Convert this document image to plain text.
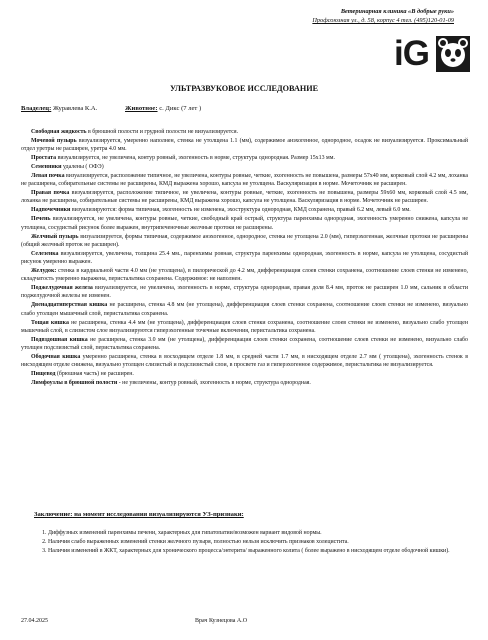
Ветеринарная клиника «В добрые руки»
Профсоюзная ул., д. 58, корпус 4 тел. (495)120-01-09
iG
УЛЬТРАЗВУКОВОЕ ИССЛЕДОВАНИЕ
Владелец: Журавлева К.А.	Животное: с. Дикс (7 лет )

Свободная жидкость в брюшной полости и грудной полости не визуализируется.

Мочевой пузырь визуализируется, умеренно наполнен, стенка не утолщена 1.1 (мм), содержимое анэхогенное, однородное, осадок не визуализируется. Проксимальный отдел уретры не расширен, уретра 4.0 мм.

Простата визуализируется, не увеличена, контур ровный, эхогенность в норме, структура однородная. Размер 15х13 мм.

Семенники удалены ( ОФЭ)

Левая почка визуализируется, расположение типичное, не увеличена, контуры ровные, четкие, эхогенность не повышена, размеры 57х40 мм, корковый слой 4.2 мм, лоханка не расширена, собирательные системы не расширены, КМД выражена хорошо, капсула не утолщена. Васкуляризация в норме. Мочеточник не расширен.

Правая почка визуализируется, расположение типичное, не увеличена, контуры ровные, четкие, эхогенность не повышена, размеры 59х60 мм, корковый слой 4.5 мм, лоханка не расширена, собирательные системы не расширены, КМД выражена хорошо, капсула не утолщена. Васкуляризация в норме. Мочеточник не расширен.

Надпочечники визуализируются: форма типичная, эхогенность не изменена, эхоструктура однородная, КМД сохранена, правый 6.2 мм, левый 6.0 мм.

Печень визуализируется, не увеличена, контуры ровные, четкие, свободный край острый, структура паренхимы однородная, эхогенность умеренно снижена, капсула не утолщена, сосудистый рисунок более выражен, внутрипеченочные желчные протоки не расширены.

Желчный пузырь визуализируется, формы типичная, содержимое анэхогенное, однородное, стенка не утолщена 2.0 (мм), гиперэхогенная, желчные протоки не расширены (общий желчный проток не расширен).

Селезенка визуализируется, увеличена, толщина 25.4 мм., паренхимы ровная, структура паренхимы однородная, эхогенность в норме, капсула не утолщена, сосудистый рисунок умеренно выражен.

Желудок: стенка в кардиальной части 4.0 мм (не утолщена), в пилорической до 4.2 мм, дифференциация слоев стенки сохранена, соотношение слоев стенки не изменено, складчатость умеренно выражена, перистальтика сохранена. Содержимое: не наполнен.

Поджелудочная железа визуализируется, не увеличена, эхогенность в норме, структура однородная, правая доля 8.4 мм, проток не расширен 1.0 мм, сальник в области поджелудочной железы не изменен.

Двенадцатиперстная кишка не расширена, стенка 4.8 мм (не утолщена), дифференциация слоев стенки сохранена, соотношение слоев стенки не изменено, визуально слабо утолщен мышечный слой, перистальтика сохранена.

Тощая кишка не расширена, стенка 4.4 мм (не утолщена), дифференциация слоев стенки сохранена, соотношение слоев стенки не изменено, визуально слабо утолщен мышечный слой, в слизистом слое визуализируются гиперэхогенные точечные включения, перистальтика сохранена.

Подвздошная кишка не расширена, стенка 3.0 мм (не утолщена), дифференциация слоев стенки сохранена, соотношение слоев стенки не изменено, визуально слабо утолщен подслизистый слой, перистальтика сохранена.

Ободочная кишка умеренно расширена, стенка в восходящем отделе 1.8 мм, в средней части 1.7 мм, в нисходящем отделе 2.7 мм ( утолщена), эхогенность стенок в нисходящем отделе снижена, визуально утолщен слизистый и подслизистый слои, в просвете газ и гиперэхогенное содержимое, перистальтика не визуализируется.

Пищевод (брюшная часть) не расширен.

Лимфоузлы в брюшной полости - не увеличены, контур ровный, эхогенность в норме, структура однородная.

Заключение: на момент исследования визуализируются УЗ-признаки:
1. Диффузных изменений паренхимы печени, характерных для гипатопатии/возможен вариант видовой нормы.
2. Наличия слабо выраженных изменений стенки желчного пузыря, полностью нельзя исключить признаков холецистита.
3. Наличия изменений в ЖКТ, характерных для хронического процесса/энтерита/ выраженного колита ( более выражено в нисходящем отделе ободочной кишки).
27.04.2025	Врач Кузнецова А.О
